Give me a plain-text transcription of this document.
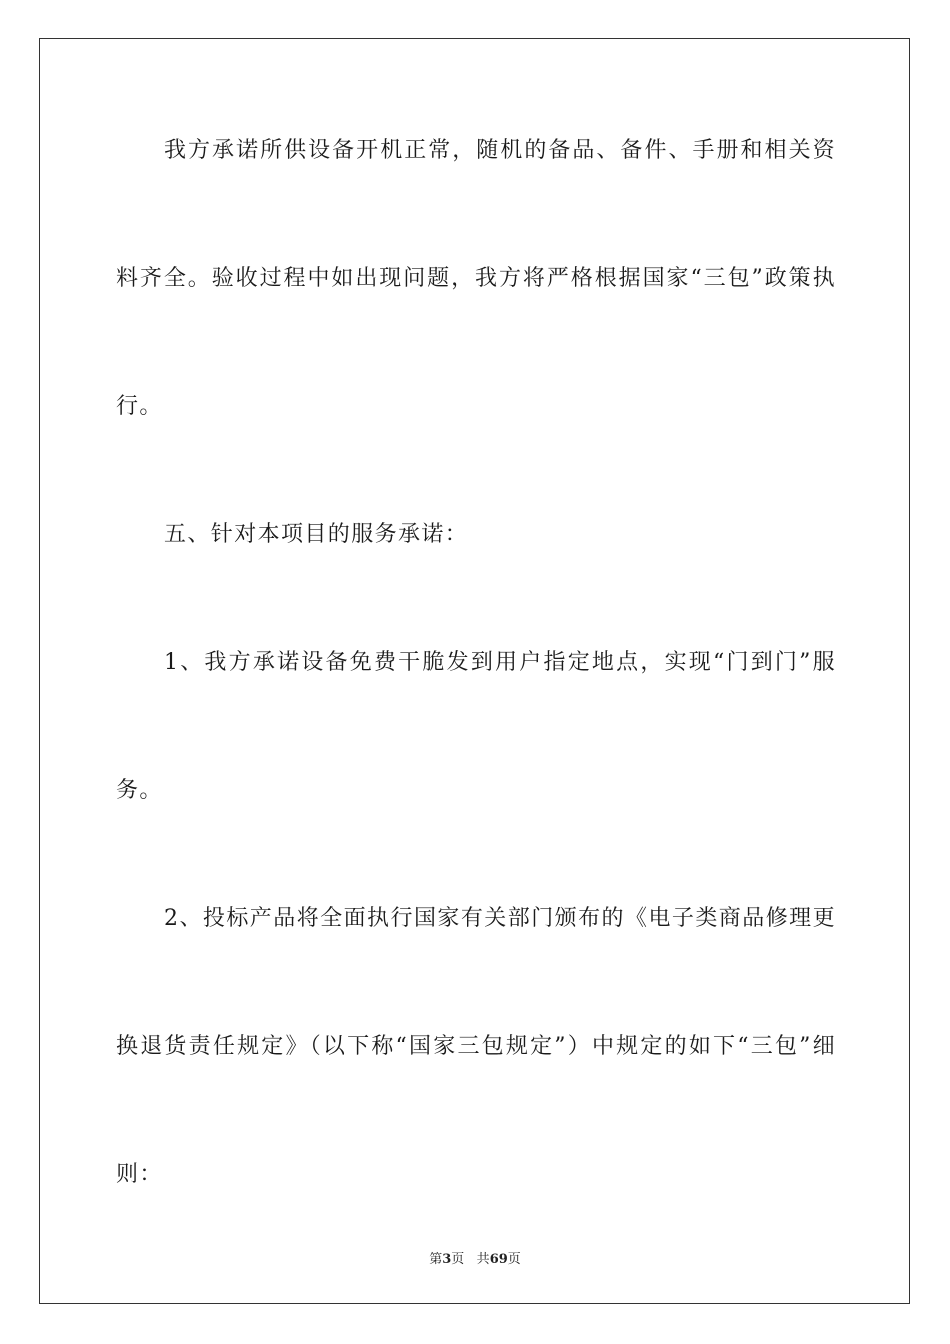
我方承诺所供设备开机正常，随机的备品、备件、手册和相关资料齐全。验收过程中如出现问题，我方将严格根据国家“三包”政策执行。

五、针对本项目的服务承诺：

1、我方承诺设备免费干脆发到用户指定地点，实现“门到门”服务。

2、投标产品将全面执行国家有关部门颁布的《电子类商品修理更换退货责任规定》（以下称“国家三包规定”）中规定的如下“三包”细则：

第3页 共69页
